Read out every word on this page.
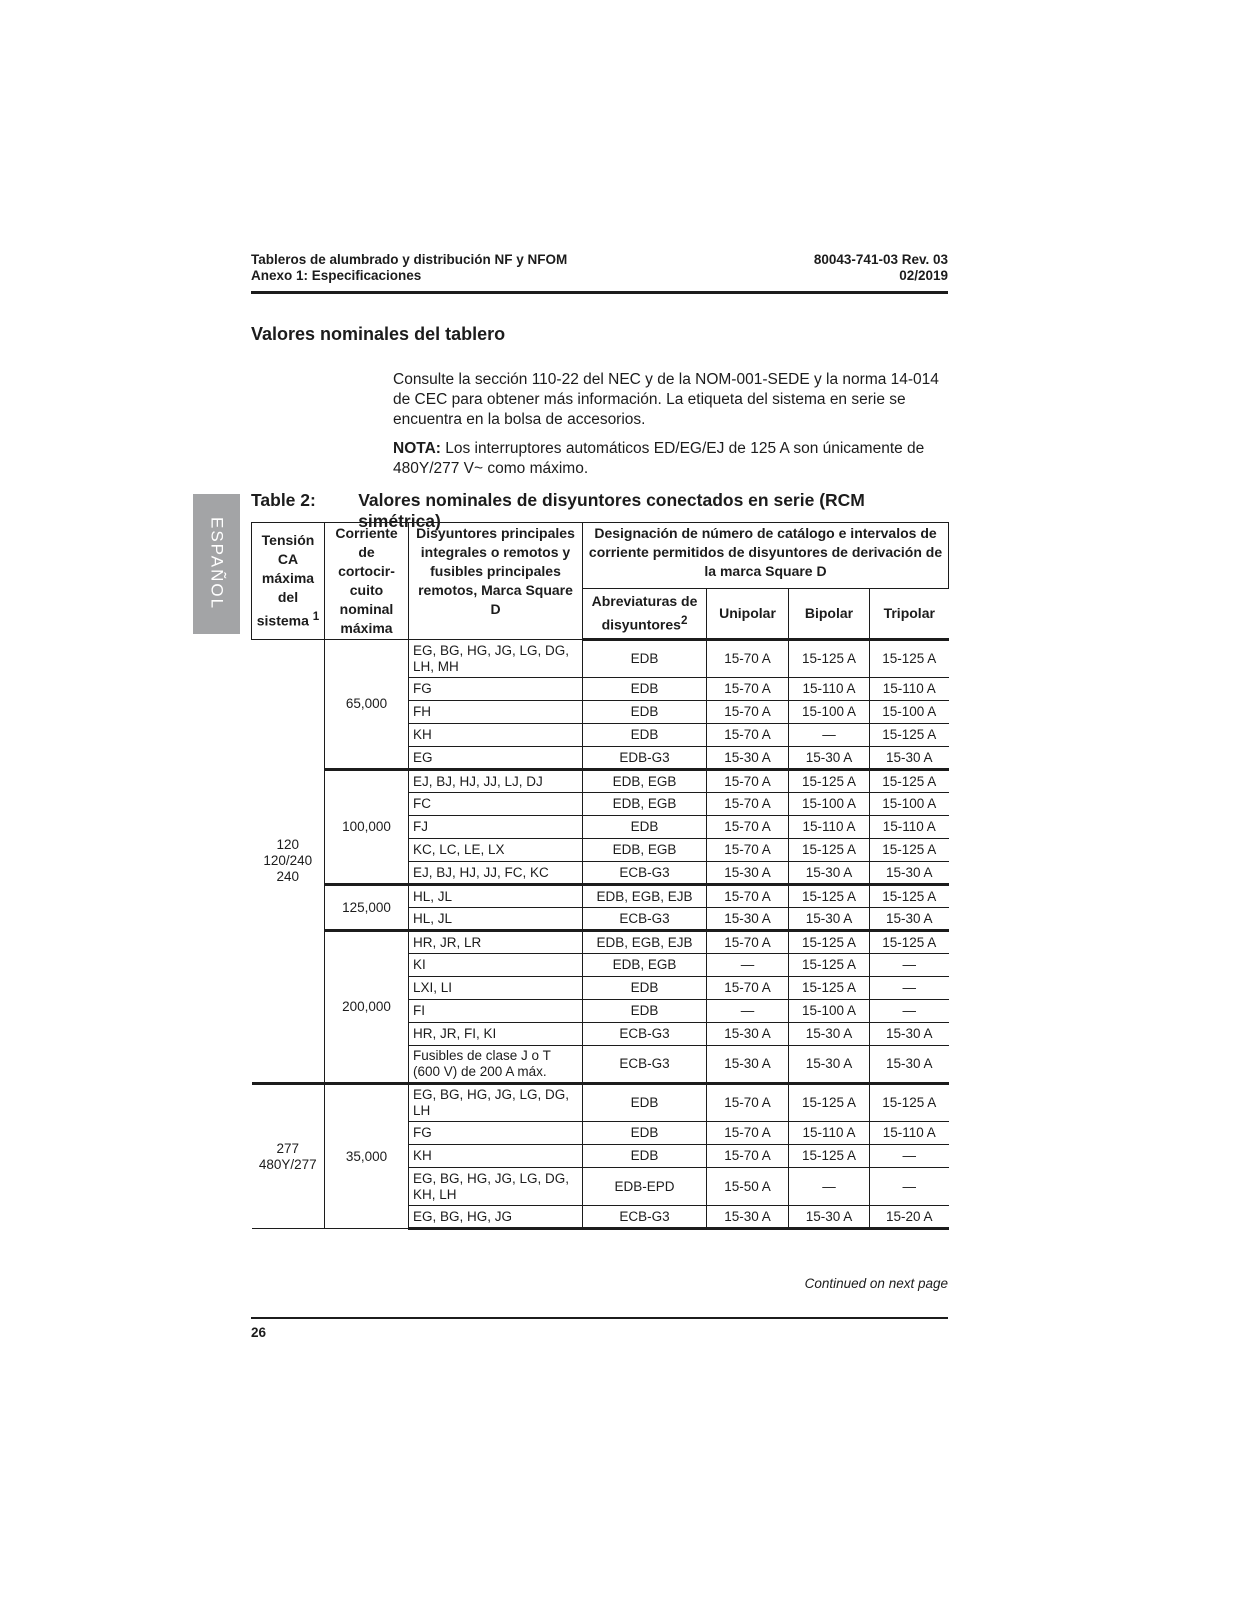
Tableros de alumbrado y distribución NF y NFOM	80043-741-03 Rev. 03
Anexo 1: Especificaciones	02/2019
Valores nominales del tablero

Consulte la sección 110-22 del NEC y de la NOM-001-SEDE y la norma 14-014 de CEC para obtener más información. La etiqueta del sistema en serie se encuentra en la bolsa de accesorios.

NOTA: Los interruptores automáticos ED/EG/EJ de 125 A son únicamente de 480Y/277 V~ como máximo.

ESPAÑOL
Table 2:	Valores nominales de disyuntores conectados en serie (RCM simétrica)
Tensión CA máxima del sistema $^1$	Corriente de cortocir-cuito nominal máxima	Disyuntores principales integrales o remotos y fusibles principales remotos, Marca Square D	Designación de número de catálogo e intervalos de corriente permitidos de disyuntores de derivación de la marca Square D			
			Abreviaturas de disyuntores$^2$	Unipolar	Bipolar	Tripolar

120
120/240
240	65,000	EG, BG, HG, JG, LG, DG, LH, MH	EDB	15-70 A	15-125 A	15-125 A
		FG	EDB	15-70 A	15-110 A	15-110 A
		FH	EDB	15-70 A	15-100 A	15-100 A
		KH	EDB	15-70 A	—	15-125 A
		EG	EDB-G3	15-30 A	15-30 A	15-30 A
	100,000	EJ, BJ, HJ, JJ, LJ, DJ	EDB, EGB	15-70 A	15-125 A	15-125 A
		FC	EDB, EGB	15-70 A	15-100 A	15-100 A
		FJ	EDB	15-70 A	15-110 A	15-110 A
		KC, LC, LE, LX	EDB, EGB	15-70 A	15-125 A	15-125 A
		EJ, BJ, HJ, JJ, FC, KC	ECB-G3	15-30 A	15-30 A	15-30 A
	125,000	HL, JL	EDB, EGB, EJB	15-70 A	15-125 A	15-125 A
		HL, JL	ECB-G3	15-30 A	15-30 A	15-30 A
	200,000	HR, JR, LR	EDB, EGB, EJB	15-70 A	15-125 A	15-125 A
		KI	EDB, EGB	—	15-125 A	—
		LXI, LI	EDB	15-70 A	15-125 A	—
		FI	EDB	—	15-100 A	—
		HR, JR, FI, KI	ECB-G3	15-30 A	15-30 A	15-30 A
		Fusibles de clase J o T (600 V) de 200 A máx.	ECB-G3	15-30 A	15-30 A	15-30 A

277
480Y/277	35,000	EG, BG, HG, JG, LG, DG, LH	EDB	15-70 A	15-125 A	15-125 A
		FG	EDB	15-70 A	15-110 A	15-110 A
		KH	EDB	15-70 A	15-125 A	—
		EG, BG, HG, JG, LG, DG, KH, LH	EDB-EPD	15-50 A	—	—
		EG, BG, HG, JG	ECB-G3	15-30 A	15-30 A	15-20 A
Continued on next page
26
